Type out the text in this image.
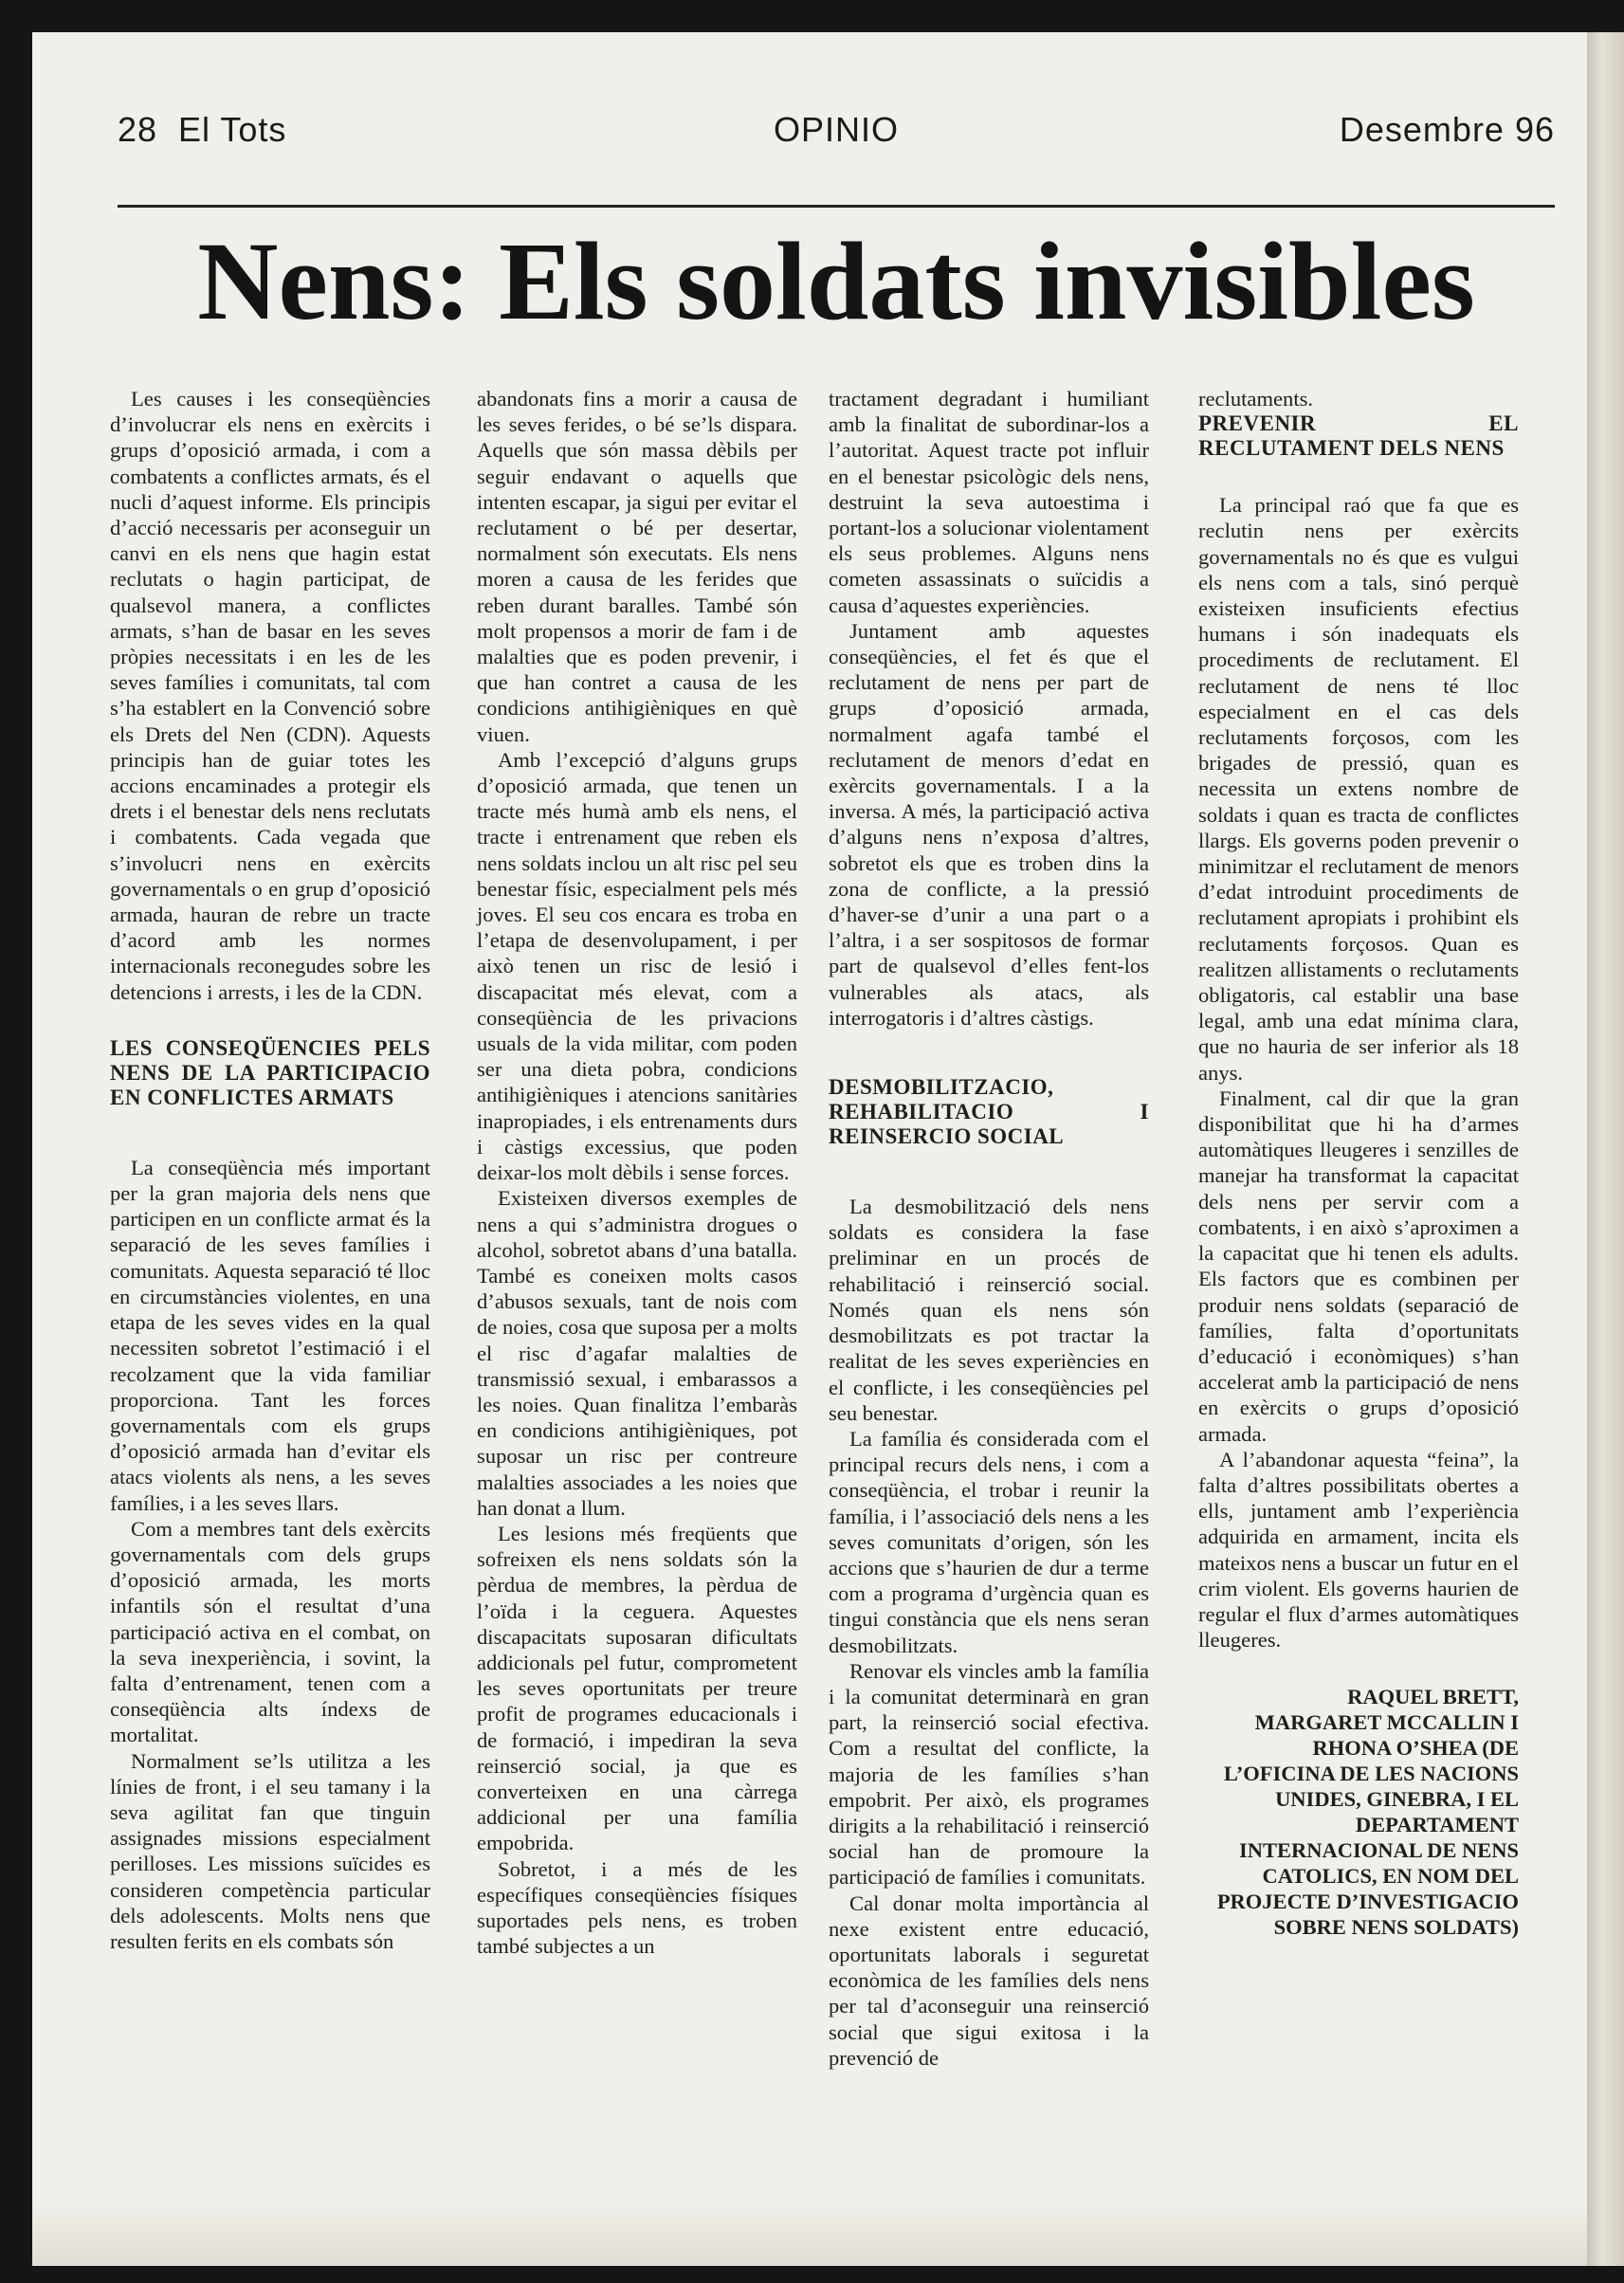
28  El Tots	OPINIO	Desembre 96
Nens: Els soldats invisibles

Les causes i les conseqüències d’involucrar els nens en exèrcits i grups d’oposició armada, i com a combatents a conflictes armats, és el nucli d’aquest informe. Els principis d’acció necessaris per aconseguir un canvi en els nens que hagin estat reclutats o hagin participat, de qualsevol manera, a conflictes armats, s’han de basar en les seves pròpies necessitats i en les de les seves famílies i comunitats, tal com s’ha establert en la Convenció sobre els Drets del Nen (CDN). Aquests principis han de guiar totes les accions encaminades a protegir els drets i el benestar dels nens reclutats i combatents. Cada vegada que s’involucri nens en exèrcits governamentals o en grup d’oposició armada, hauran de rebre un tracte d’acord amb les normes internacionals reconegudes sobre les detencions i arrests, i les de la CDN.

LES CONSEQÜENCIES PELS NENS DE LA PARTICIPACIO EN CONFLICTES ARMATS

La conseqüència més important per la gran majoria dels nens que participen en un conflicte armat és la separació de les seves famílies i comunitats. Aquesta separació té lloc en circumstàncies violentes, en una etapa de les seves vides en la qual necessiten sobretot l’estimació i el recolzament que la vida familiar proporciona. Tant les forces governamentals com els grups d’oposició armada han d’evitar els atacs violents als nens, a les seves famílies, i a les seves llars.

Com a membres tant dels exèrcits governamentals com dels grups d’oposició armada, les morts infantils són el resultat d’una participació activa en el combat, on la seva inexperiència, i sovint, la falta d’entrenament, tenen com a conseqüència alts índexs de mortalitat.

Normalment se’ls utilitza a les línies de front, i el seu tamany i la seva agilitat fan que tinguin assignades missions especialment perilloses. Les missions suïcides es consideren competència particular dels adolescents. Molts nens que resulten ferits en els combats són

abandonats fins a morir a causa de les seves ferides, o bé se’ls dispara. Aquells que són massa dèbils per seguir endavant o aquells que intenten escapar, ja sigui per evitar el reclutament o bé per desertar, normalment són executats. Els nens moren a causa de les ferides que reben durant baralles. També són molt propensos a morir de fam i de malalties que es poden prevenir, i que han contret a causa de les condicions antihigièniques en què viuen.

Amb l’excepció d’alguns grups d’oposició armada, que tenen un tracte més humà amb els nens, el tracte i entrenament que reben els nens soldats inclou un alt risc pel seu benestar físic, especialment pels més joves. El seu cos encara es troba en l’etapa de desenvolupament, i per això tenen un risc de lesió i discapacitat més elevat, com a conseqüència de les privacions usuals de la vida militar, com poden ser una dieta pobra, condicions antihigièniques i atencions sanitàries inapropiades, i els entrenaments durs i càstigs excessius, que poden deixar-los molt dèbils i sense forces.

Existeixen diversos exemples de nens a qui s’administra drogues o alcohol, sobretot abans d’una batalla. També es coneixen molts casos d’abusos sexuals, tant de nois com de noies, cosa que suposa per a molts el risc d’agafar malalties de transmissió sexual, i embarassos a les noies. Quan finalitza l’embaràs en condicions antihigièniques, pot suposar un risc per contreure malalties associades a les noies que han donat a llum.

Les lesions més freqüents que sofreixen els nens soldats són la pèrdua de membres, la pèrdua de l’oïda i la ceguera. Aquestes discapacitats suposaran dificultats addicionals pel futur, comprometent les seves oportunitats per treure profit de programes educacionals i de formació, i impediran la seva reinserció social, ja que es converteixen en una càrrega addicional per una família empobrida.

Sobretot, i a més de les específiques conseqüències físiques suportades pels nens, es troben també subjectes a un

tractament degradant i humiliant amb la finalitat de subordinar-los a l’autoritat. Aquest tracte pot influir en el benestar psicològic dels nens, destruint la seva autoestima i portant-los a solucionar violentament els seus problemes. Alguns nens cometen assassinats o suïcidis a causa d’aquestes experiències.

Juntament amb aquestes conseqüències, el fet és que el reclutament de nens per part de grups d’oposició armada, normalment agafa també el reclutament de menors d’edat en exèrcits governamentals. I a la inversa. A més, la participació activa d’alguns nens n’exposa d’altres, sobretot els que es troben dins la zona de conflicte, a la pressió d’haver-se d’unir a una part o a l’altra, i a ser sospitosos de formar part de qualsevol d’elles fent-los vulnerables als atacs, als interrogatoris i d’altres càstigs.

DESMOBILITZACIO, REHABILITACIO I REINSERCIO SOCIAL

La desmobilització dels nens soldats es considera la fase preliminar en un procés de rehabilitació i reinserció social. Només quan els nens són desmobilitzats es pot tractar la realitat de les seves experiències en el conflicte, i les conseqüències pel seu benestar.

La família és considerada com el principal recurs dels nens, i com a conseqüència, el trobar i reunir la família, i l’associació dels nens a les seves comunitats d’origen, són les accions que s’haurien de dur a terme com a programa d’urgència quan es tingui constància que els nens seran desmobilitzats.

Renovar els vincles amb la família i la comunitat determinarà en gran part, la reinserció social efectiva. Com a resultat del conflicte, la majoria de les famílies s’han empobrit. Per això, els programes dirigits a la rehabilitació i reinserció social han de promoure la participació de famílies i comunitats.

Cal donar molta importància al nexe existent entre educació, oportunitats laborals i seguretat econòmica de les famílies dels nens per tal d’aconseguir una reinserció social que sigui exitosa i la prevenció de

reclutaments.

PREVENIR EL RECLUTAMENT DELS NENS

La principal raó que fa que es reclutin nens per exèrcits governamentals no és que es vulgui els nens com a tals, sinó perquè existeixen insuficients efectius humans i són inadequats els procediments de reclutament. El reclutament de nens té lloc especialment en el cas dels reclutaments forçosos, com les brigades de pressió, quan es necessita un extens nombre de soldats i quan es tracta de conflictes llargs. Els governs poden prevenir o minimitzar el reclutament de menors d’edat introduint procediments de reclutament apropiats i prohibint els reclutaments forçosos. Quan es realitzen allistaments o reclutaments obligatoris, cal establir una base legal, amb una edat mínima clara, que no hauria de ser inferior als 18 anys.

Finalment, cal dir que la gran disponibilitat que hi ha d’armes automàtiques lleugeres i senzilles de manejar ha transformat la capacitat dels nens per servir com a combatents, i en això s’aproximen a la capacitat que hi tenen els adults. Els factors que es combinen per produir nens soldats (separació de famílies, falta d’oportunitats d’educació i econòmiques) s’han accelerat amb la participació de nens en exèrcits o grups d’oposició armada.

A l’abandonar aquesta “feina”, la falta d’altres possibilitats obertes a ells, juntament amb l’experiència adquirida en armament, incita els mateixos nens a buscar un futur en el crim violent. Els governs haurien de regular el flux d’armes automàtiques lleugeres.

RAQUEL BRETT, MARGARET MCCALLIN I RHONA O’SHEA (DE L’OFICINA DE LES NACIONS UNIDES, GINEBRA, I EL DEPARTAMENT INTERNACIONAL DE NENS CATOLICS, EN NOM DEL PROJECTE D’INVESTIGACIO SOBRE NENS SOLDATS)
